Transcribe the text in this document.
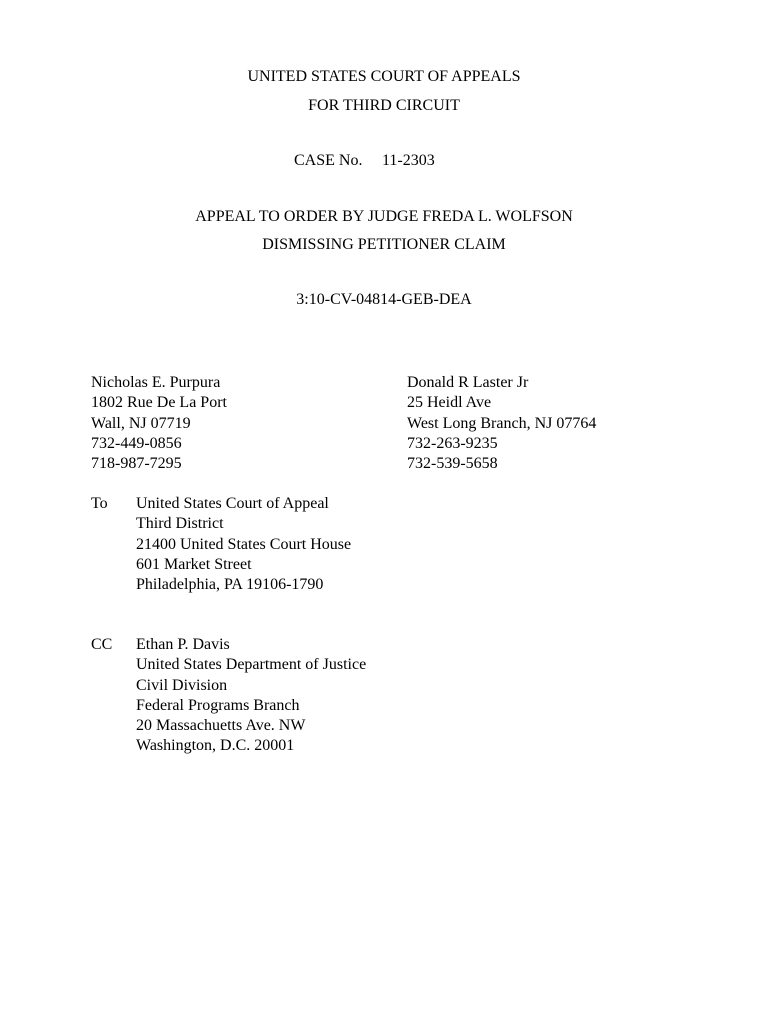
UNITED STATES COURT OF APPEALS
FOR THIRD CIRCUIT
CASE No. 11-2303
APPEAL TO ORDER BY JUDGE FREDA L. WOLFSON
DISMISSING PETITIONER CLAIM
3:10-CV-04814-GEB-DEA
Nicholas E. Purpura
1802 Rue De La Port
Wall, NJ 07719
732-449-0856
718-987-7295
Donald R Laster Jr
25 Heidl Ave
West Long Branch, NJ 07764
732-263-9235
732-539-5658
To United States Court of Appeal
Third District
21400 United States Court House
601 Market Street
Philadelphia, PA 19106-1790
CC Ethan P. Davis
United States Department of Justice
Civil Division
Federal Programs Branch
20 Massachuetts Ave. NW
Washington, D.C. 20001
